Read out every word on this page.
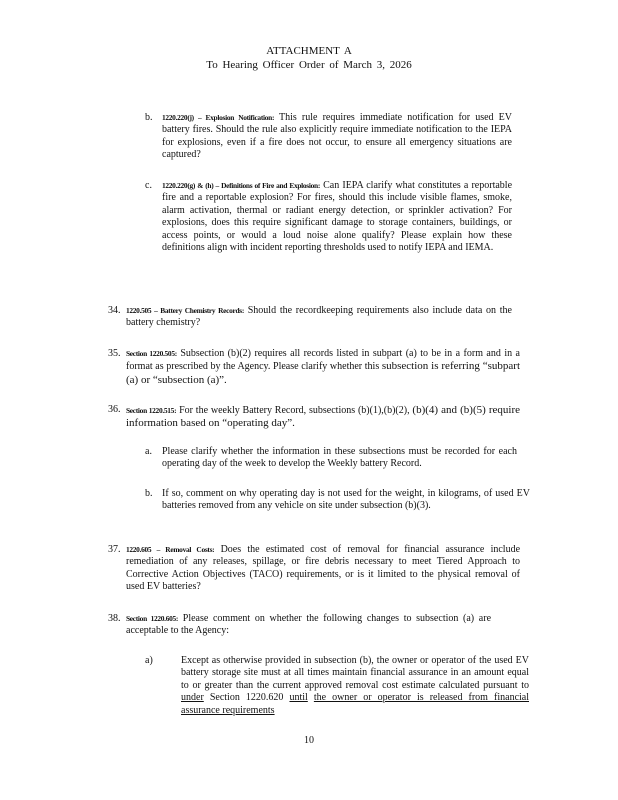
ATTACHMENT A
To Hearing Officer Order of March 3, 2026
b. 1220.220(j) – Explosion Notification: This rule requires immediate notification for used EV battery fires. Should the rule also explicitly require immediate notification to the IEPA for explosions, even if a fire does not occur, to ensure all emergency situations are captured?
c. 1220.220(g) & (h) – Definitions of Fire and Explosion: Can IEPA clarify what constitutes a reportable fire and a reportable explosion? For fires, should this include visible flames, smoke, alarm activation, thermal or radiant energy detection, or sprinkler activation? For explosions, does this require significant damage to storage containers, buildings, or access points, or would a loud noise alone qualify? Please explain how these definitions align with incident reporting thresholds used to notify IEPA and IEMA.
34. 1220.505 – Battery Chemistry Records: Should the recordkeeping requirements also include data on the battery chemistry?
35. Section 1220.505: Subsection (b)(2) requires all records listed in subpart (a) to be in a form and in a format as prescribed by the Agency. Please clarify whether this subsection is referring “subpart (a) or “subsection (a)”.
36. Section 1220.515: For the weekly Battery Record, subsections (b)(1),(b)(2), (b)(4) and (b)(5) require information based on “operating day”.
a. Please clarify whether the information in these subsections must be recorded for each operating day of the week to develop the Weekly battery Record.
b. If so, comment on why operating day is not used for the weight, in kilograms, of used EV batteries removed from any vehicle on site under subsection (b)(3).
37. 1220.605 – Removal Costs: Does the estimated cost of removal for financial assurance include remediation of any releases, spillage, or fire debris necessary to meet Tiered Approach to Corrective Action Objectives (TACO) requirements, or is it limited to the physical removal of used EV batteries?
38. Section 1220.605: Please comment on whether the following changes to subsection (a) are acceptable to the Agency:
a)	Except as otherwise provided in subsection (b), the owner or operator of the used EV battery storage site must at all times maintain financial assurance in an amount equal to or greater than the current approved removal cost estimate calculated pursuant to under Section 1220.620 until the owner or operator is released from financial assurance requirements
10
